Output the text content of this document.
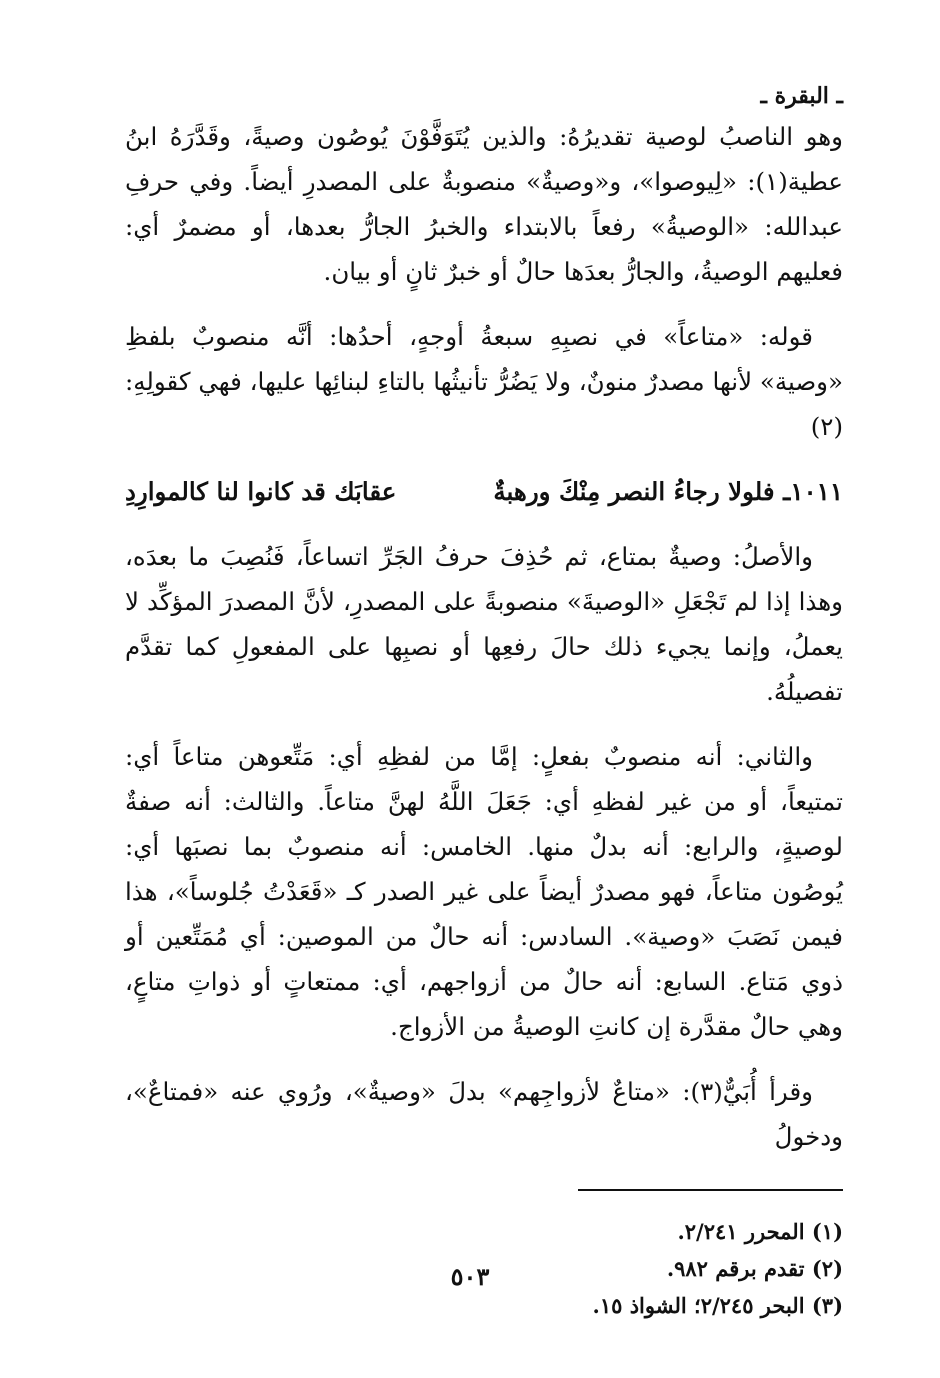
ـ البقرة ـ

وهو الناصبُ لوصية تقديرُهُ: والذين يُتَوَفَّوْنَ يُوصُون وصيةً، وقَدَّرَهُ ابنُ عطية(١): «لِيوصوا»، و«وصيةٌ» منصوبةٌ على المصدرِ أيضاً. وفي حرفِ عبدالله: «الوصيةُ» رفعاً بالابتداء والخبرُ الجارُّ بعدها، أو مضمرٌ أي: فعليهم الوصيةُ، والجارُّ بعدَها حالٌ أو خبرٌ ثانٍ أو بيان.

قوله: «متاعاً» في نصبِهِ سبعةُ أوجهٍ، أحدُها: أنَّه منصوبٌ بلفظِ «وصية» لأنها مصدرٌ منونٌ، ولا يَضُرُّ تأنيثُها بالتاءِ لبنائِها عليها، فهي كقولِهِ:(٢)

١٠١١ـ فلولا رجاءُ النصر مِنْكَ ورهبةٌ
عقابَك قد كانوا لنا كالموارِدِ

والأصلُ: وصيةٌ بمتاع، ثم حُذِفَ حرفُ الجَرِّ اتساعاً، فَنُصِبَ ما بعدَه، وهذا إذا لم تَجْعَلِ «الوصيةَ» منصوبةً على المصدرِ، لأنَّ المصدرَ المؤكِّد لا يعملُ، وإنما يجيء ذلك حالَ رفعِها أو نصبِها على المفعولِ كما تقدَّم تفصيلُهُ.

والثاني: أنه منصوبٌ بفعلٍ: إمَّا من لفظِهِ أي: مَتِّعوهن متاعاً أي: تمتيعاً، أو من غير لفظهِ أي: جَعَلَ اللَّهُ لهنَّ متاعاً. والثالث: أنه صفةٌ لوصيةٍ، والرابع: أنه بدلٌ منها. الخامس: أنه منصوبٌ بما نصبَها أي: يُوصُون متاعاً، فهو مصدرٌ أيضاً على غير الصدر كـ «قَعَدْتُ جُلوساً»، هذا فيمن نَصَبَ «وصية». السادس: أنه حالٌ من الموصين: أي مُمَتِّعين أو ذوي مَتاع. السابع: أنه حالٌ من أزواجهم، أي: ممتعاتٍ أو ذواتِ متاعٍ، وهي حالٌ مقدَّرة إن كانتِ الوصيةُ من الأزواج.

وقرأ أُبَيٌّ(٣): «متاعٌ لأزواجِهم» بدلَ «وصيةٌ»، ورُوي عنه «فمتاعٌ»، ودخولُ

(١) المحرر ٢/٢٤١.
(٢) تقدم برقم ٩٨٢.
(٣) البحر ٢/٢٤٥؛ الشواذ ١٥.
٥٠٣
